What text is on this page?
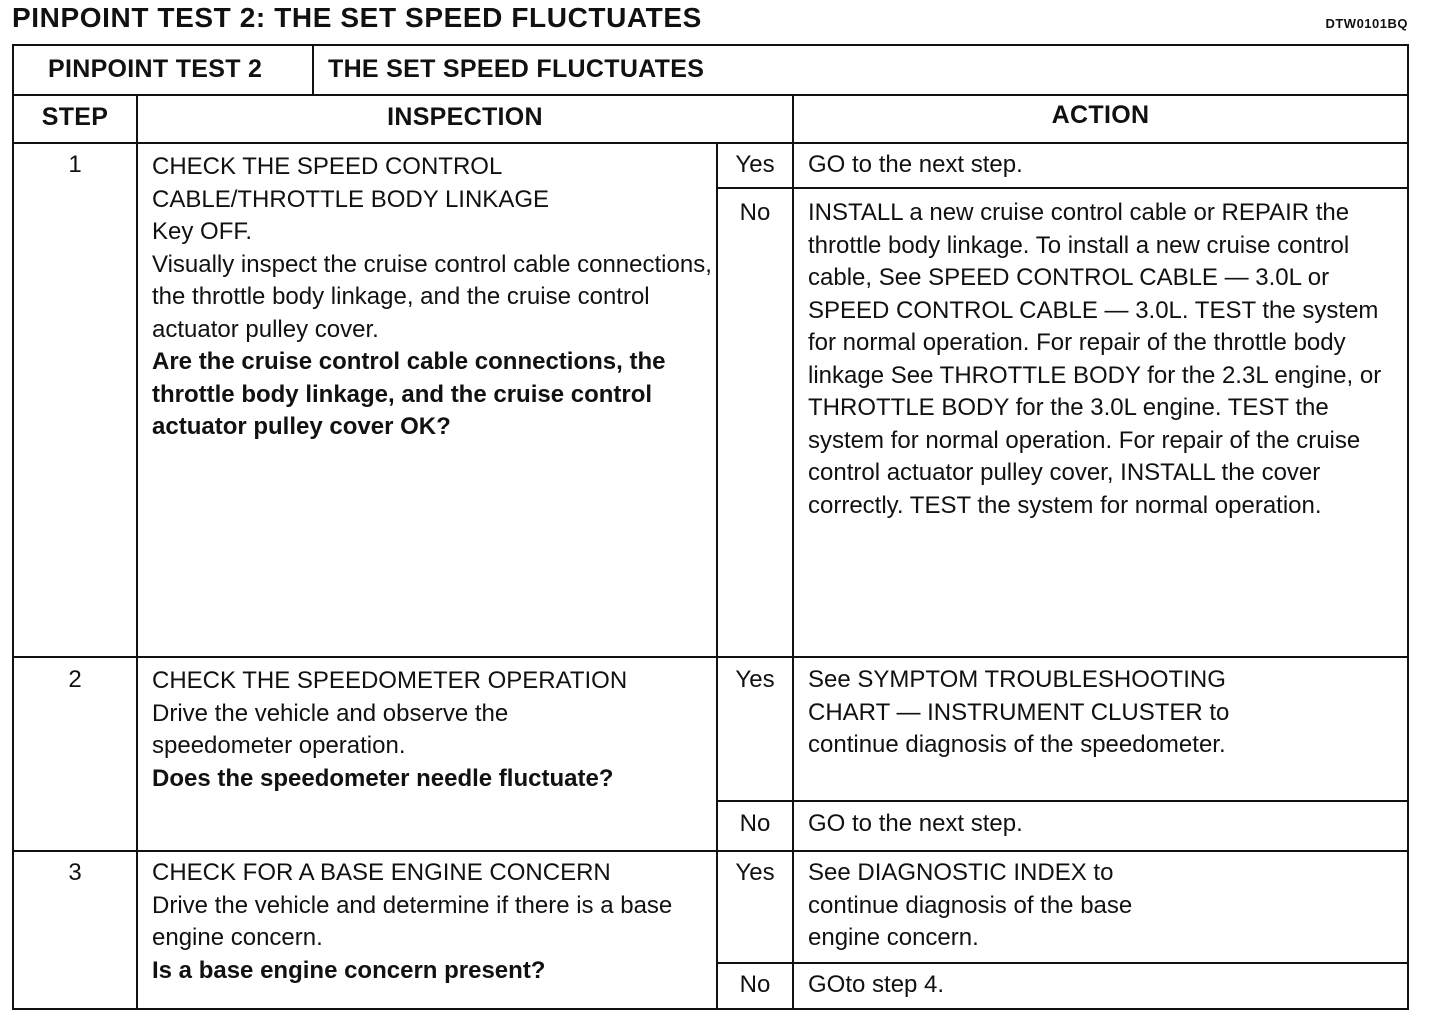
PINPOINT TEST 2: THE SET SPEED FLUCTUATES	DTW0101BQ
PINPOINT TEST 2	THE SET SPEED FLUCTUATES
STEP	INSPECTION	ACTION
1	CHECK THE SPEED CONTROL CABLE/THROTTLE BODY LINKAGE
Key OFF.
Visually inspect the cruise control cable connections, the throttle body linkage, and the cruise control actuator pulley cover.
Are the cruise control cable connections, the throttle body linkage, and the cruise control actuator pulley cover OK?
Yes	GO to the next step.
No	INSTALL a new cruise control cable or REPAIR the throttle body linkage. To install a new cruise control cable, See SPEED CONTROL CABLE — 3.0L or SPEED CONTROL CABLE — 3.0L. TEST the system for normal operation. For repair of the throttle body linkage See THROTTLE BODY for the 2.3L engine, or THROTTLE BODY for the 3.0L engine. TEST the system for normal operation. For repair of the cruise control actuator pulley cover, INSTALL the cover correctly. TEST the system for normal operation.
2	CHECK THE SPEEDOMETER OPERATION
Drive the vehicle and observe the speedometer operation.
Does the speedometer needle fluctuate?
Yes	See SYMPTOM TROUBLESHOOTING CHART — INSTRUMENT CLUSTER to continue diagnosis of the speedometer.
No	GO to the next step.
3	CHECK FOR A BASE ENGINE CONCERN
Drive the vehicle and determine if there is a base engine concern.
Is a base engine concern present?
Yes	See DIAGNOSTIC INDEX to continue diagnosis of the base engine concern.
No	GOto step 4.
